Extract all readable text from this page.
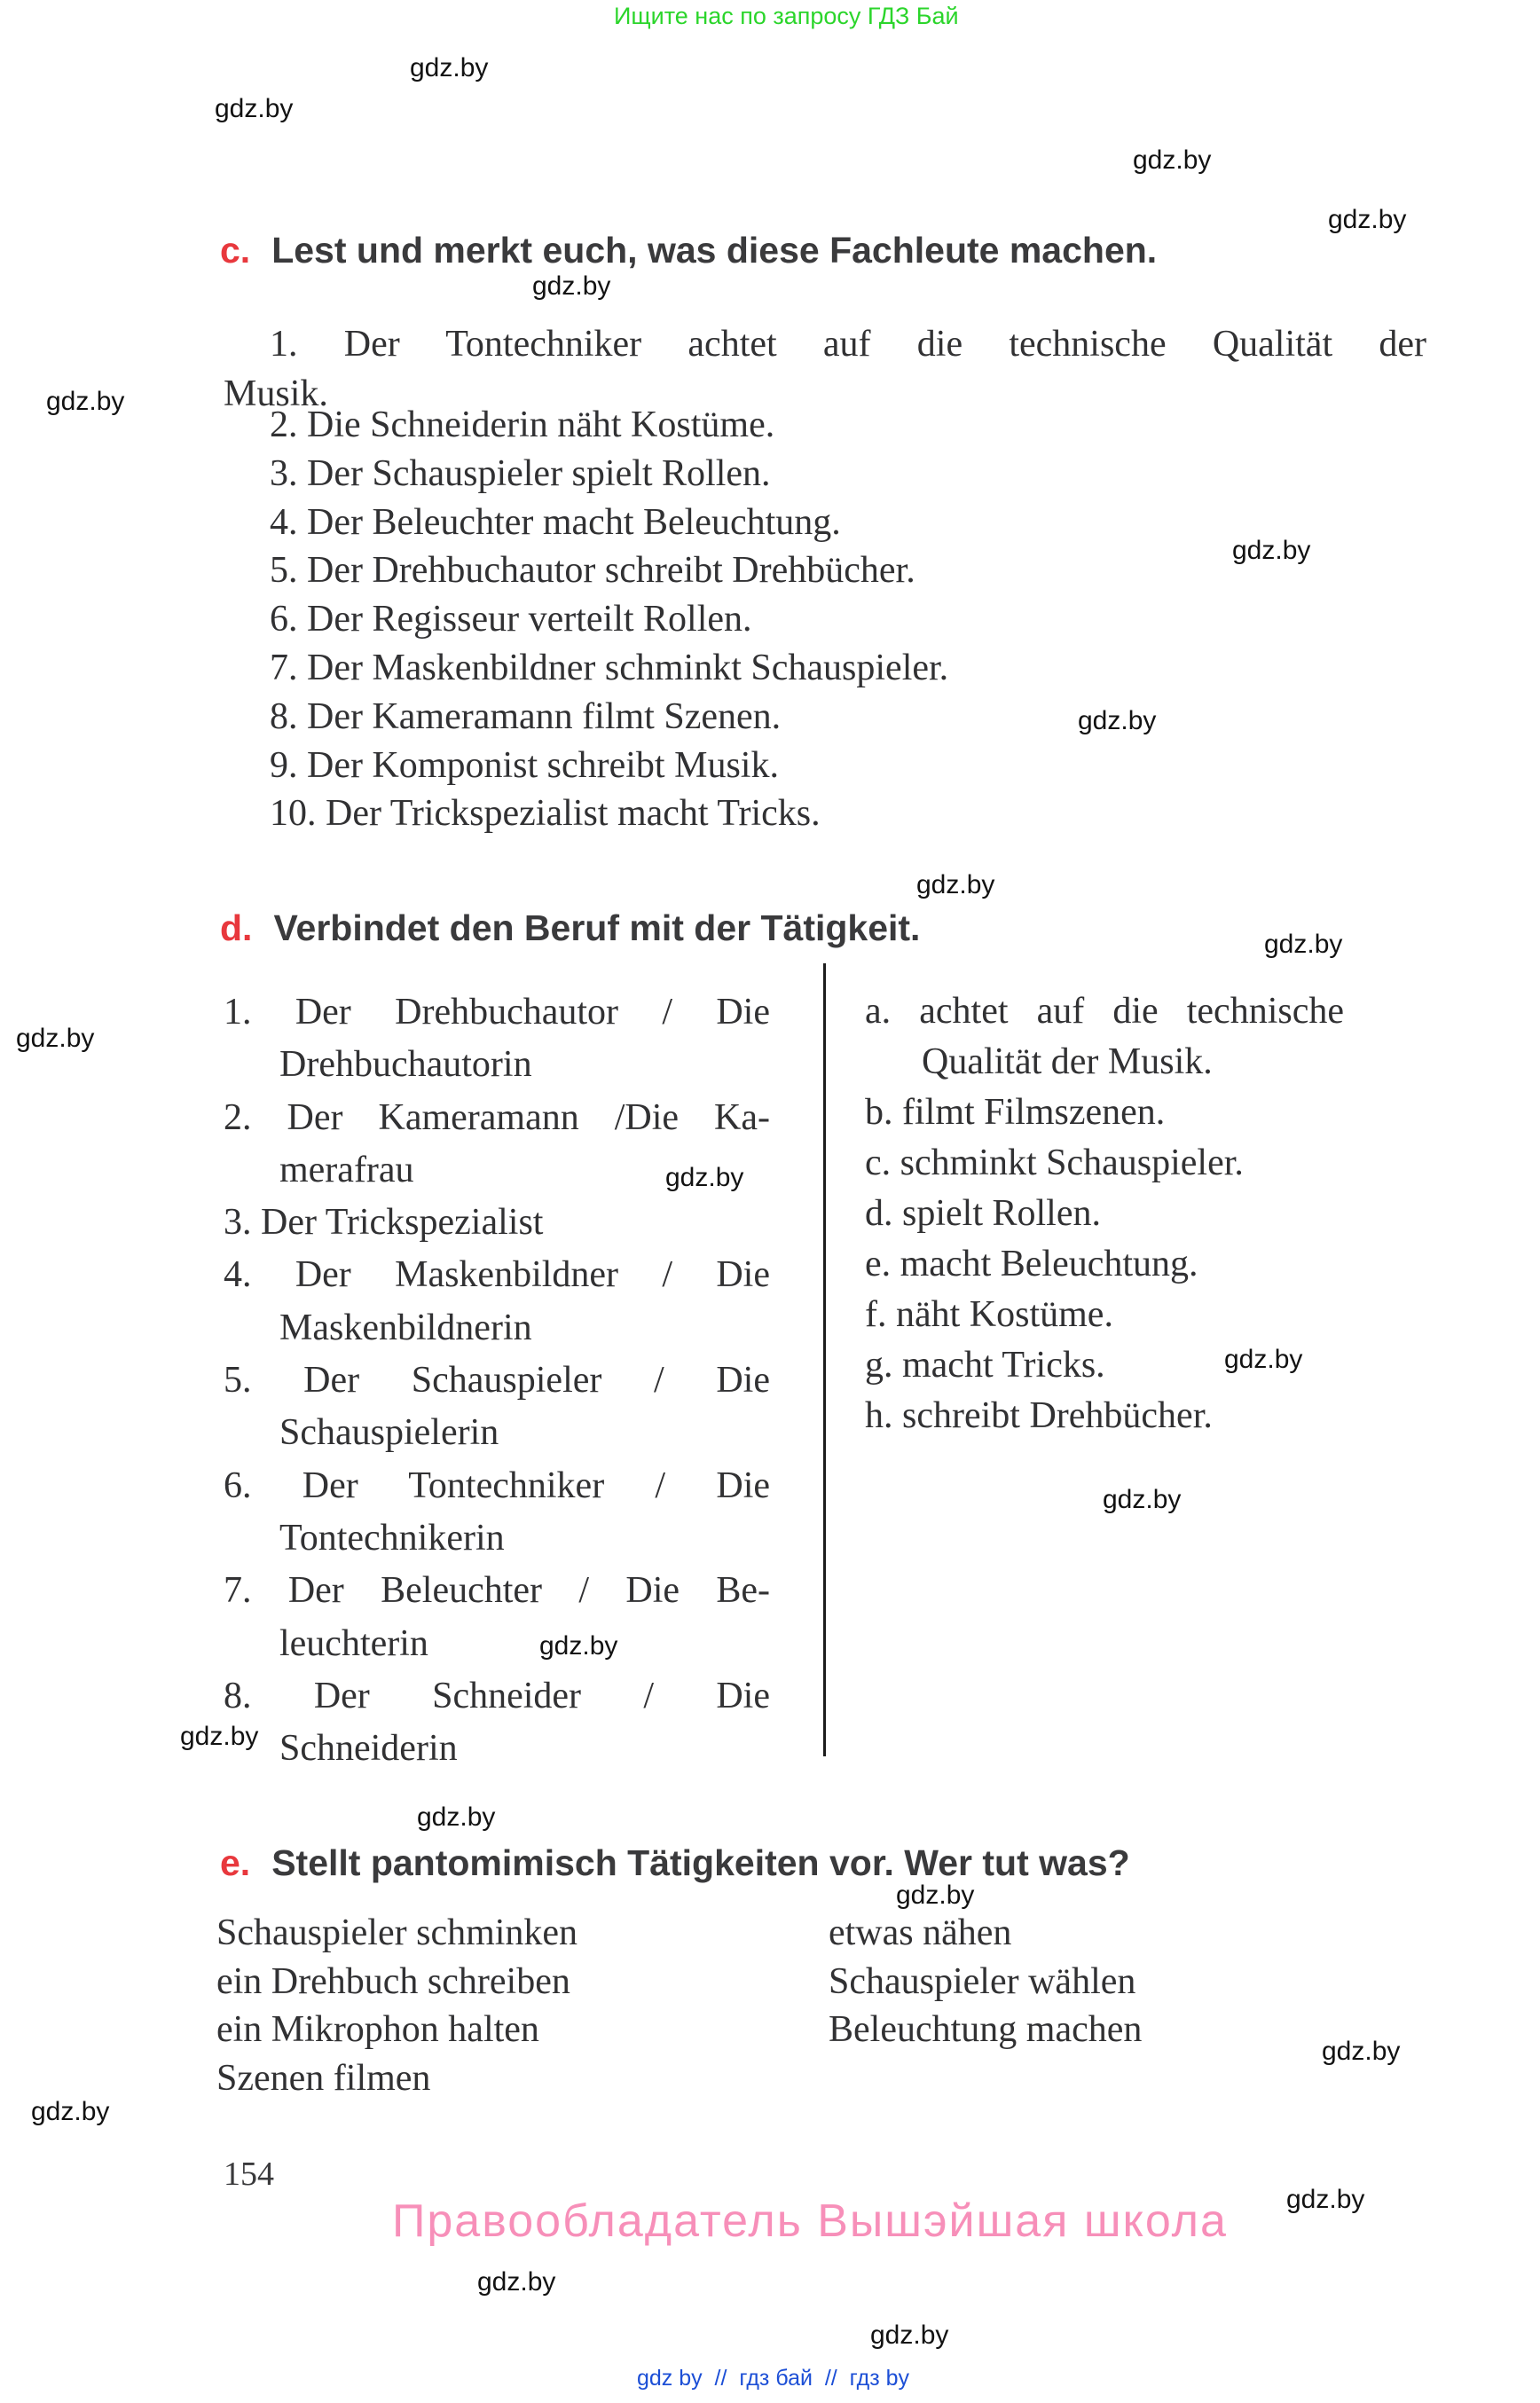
Ищите нас по запросу ГДЗ Бай
gdz.by
gdz.by
gdz.by
gdz.by
gdz.by
gdz.by
gdz.by
gdz.by
gdz.by
gdz.by
gdz.by
gdz.by
gdz.by
gdz.by
gdz.by
gdz.by
gdz.by
gdz.by
gdz.by
gdz.by
gdz.by
gdz.by
gdz.by
c. Lest und merkt euch, was diese Fachleute machen.
1. Der Tontechniker achtet auf die technische Qualität der
Musik.
2. Die Schneiderin näht Kostüme.
3. Der Schauspieler spielt Rollen.
4. Der Beleuchter macht Beleuchtung.
5. Der Drehbuchautor schreibt Drehbücher.
6. Der Regisseur verteilt Rollen.
7. Der Maskenbildner schminkt Schauspieler.
8. Der Kameramann filmt Szenen.
9. Der Komponist schreibt Musik.
10. Der Trickspezialist macht Tricks.
d. Verbindet den Beruf mit der Tätigkeit.
1. Der Drehbuchautor / Die
Drehbuchautorin
2. Der Kameramann /Die Ka-
merafrau
3. Der Trickspezialist
4. Der Maskenbildner / Die
Maskenbildnerin
5. Der Schauspieler / Die
Schauspielerin
6. Der Tontechniker / Die
Tontechnikerin
7. Der Beleuchter / Die Be-
leuchterin
8. Der Schneider / Die
Schneiderin
a. achtet auf die technische
Qualität der Musik.
b. filmt Filmszenen.
c. schminkt Schauspieler.
d. spielt Rollen.
e. macht Beleuchtung.
f. näht Kostüme.
g. macht Tricks.
h. schreibt Drehbücher.
e. Stellt pantomimisch Tätigkeiten vor. Wer tut was?
Schauspieler schminken
ein Drehbuch schreiben
ein Mikrophon halten
Szenen filmen
etwas nähen
Schauspieler wählen
Beleuchtung machen
154
Правообладатель Вышэйшая школа
gdz by  //  гдз бай  //  гдз by
